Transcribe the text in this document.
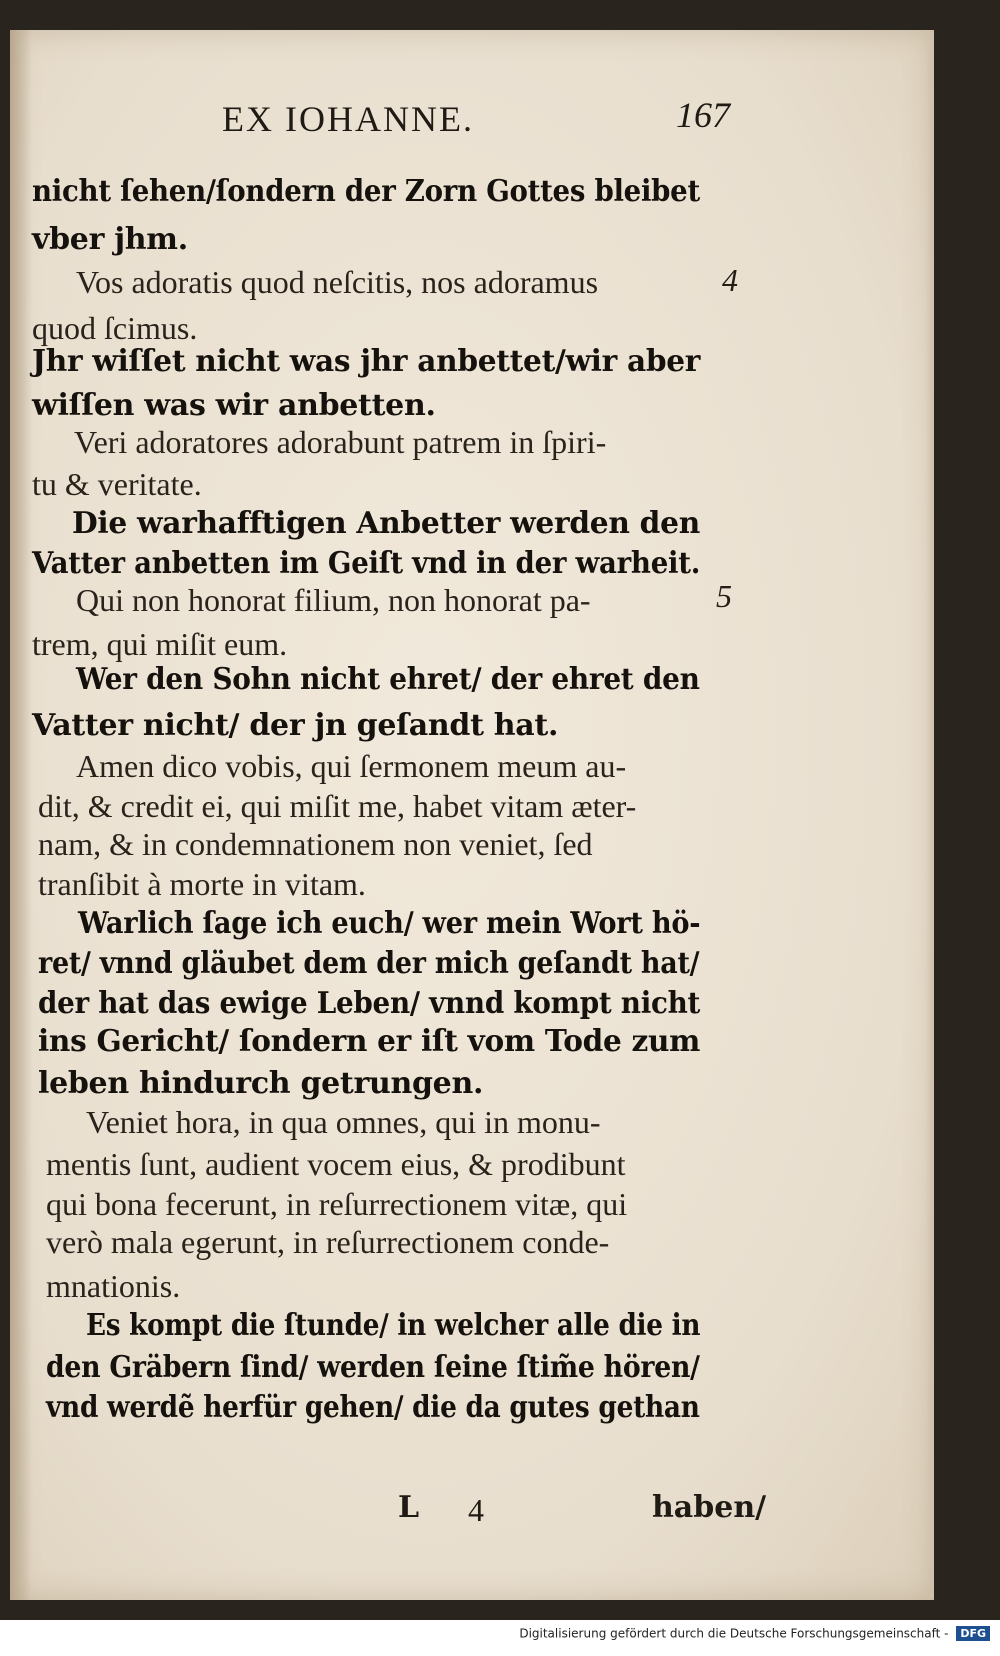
EX IOHANNE.	167
nicht ſehen/ſondern der Zorn Gottes bleibet
vber jhm.
Vos adoratis quod neſcitis, nos adoramus
quod ſcimus.
Jhr wiſſet nicht was jhr anbettet/wir aber
wiſſen was wir anbetten.
Veri adoratores adorabunt patrem in ſpiri-
tu & veritate.
Die warhafftigen Anbetter werden den
Vatter anbetten im Geiſt vnd in der warheit.
Qui non honorat filium, non honorat pa-
trem, qui miſit eum.
Wer den Sohn nicht ehret/ der ehret den
Vatter nicht/ der jn geſandt hat.
Amen dico vobis, qui ſermonem meum au-
dit, & credit ei, qui miſit me, habet vitam æter-
nam, & in condemnationem non veniet, ſed
tranſibit à morte in vitam.
Warlich ſage ich euch/ wer mein Wort hö-
ret/ vnnd gläubet dem der mich geſandt hat/
der hat das ewige Leben/ vnnd kompt nicht
ins Gericht/ ſondern er iſt vom Tode zum
leben hindurch getrungen.
Veniet hora, in qua omnes, qui in monu-
mentis ſunt, audient vocem eius, & prodibunt
qui bona fecerunt, in reſurrectionem vitæ, qui
verò mala egerunt, in reſurrectionem conde-
mnationis.
Es kompt die ſtunde/ in welcher alle die in
den Gräbern ſind/ werden ſeine ſtim̃e hören/
vnd werdẽ herfür gehen/ die da gutes gethan
4
5
L 4	haben/
Digitalisierung gefördert durch die Deutsche Forschungsgemeinschaft - DFG
